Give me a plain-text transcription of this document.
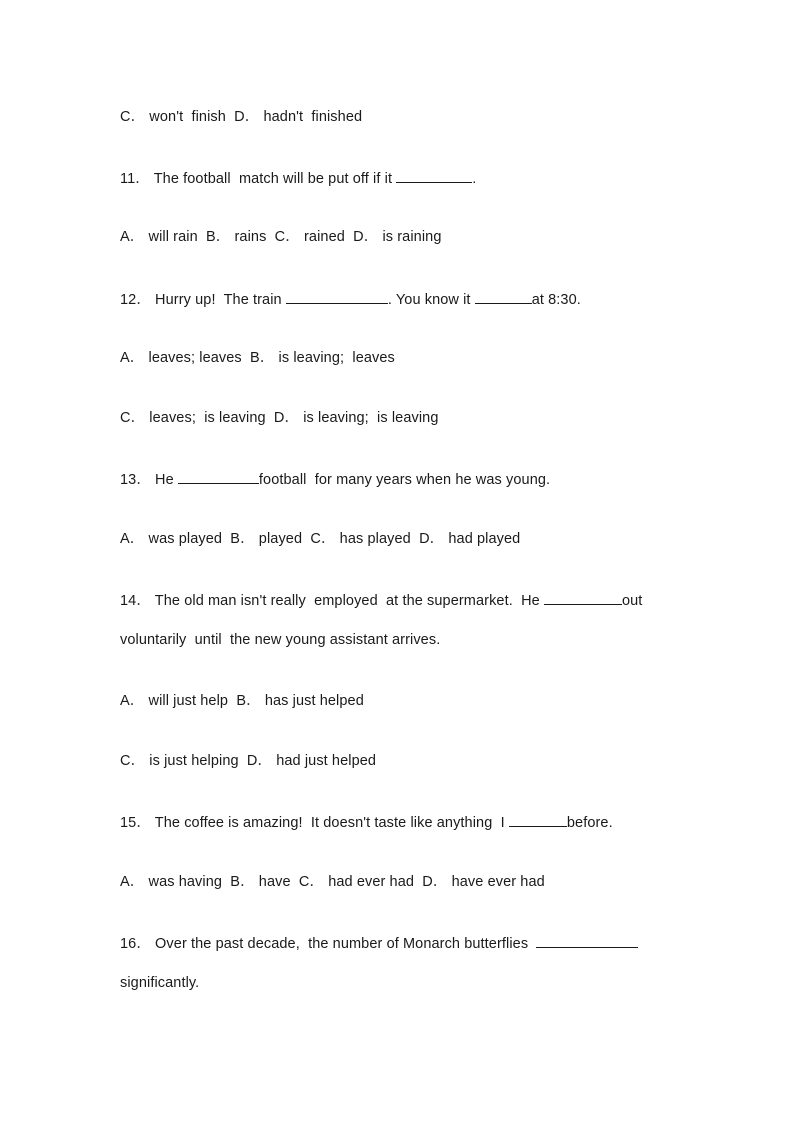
C． won't  finish  D． hadn't  finished
11． The football  match will be put off if it	.
A． will rain  B． rains  C． rained  D． is raining
12． Hurry up!  The train	. You know it	at 8:30.
A． leaves; leaves  B． is leaving;  leaves
C． leaves;  is leaving  D． is leaving;  is leaving
13． He	football  for many years when he was young.
A． was played  B． played  C． has played  D． had played
14． The old man isn't really  employed  at the supermarket.  He	out
voluntarily  until  the new young assistant arrives.
A． will just help  B． has just helped
C． is just helping  D． had just helped
15． The coffee is amazing!  It doesn't taste like anything  I	before.
A． was having  B． have  C． had ever had  D． have ever had
16． Over the past decade,  the number of Monarch butterflies
significantly.
